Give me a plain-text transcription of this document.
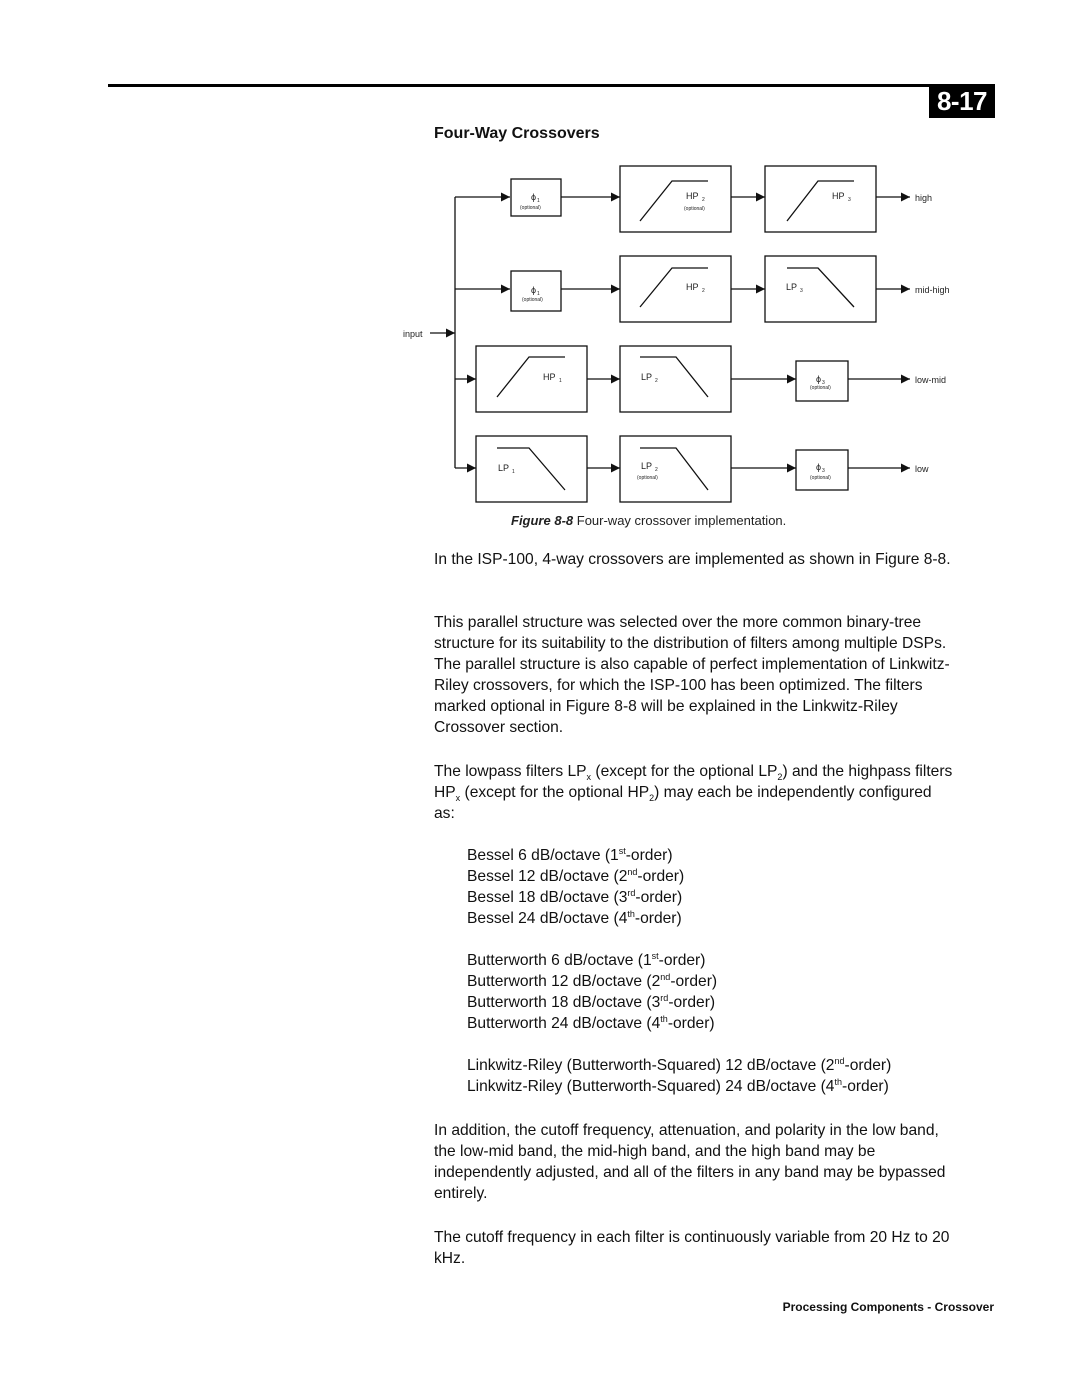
8-17
Four-Way Crossovers
input
high
mid-high
low-mid
low
ϕ 1
(optional)
ϕ 1
(optional)
ϕ 3
(optional)
ϕ 3
(optional)
HP 2
(optional)
HP 3
HP 2	LP 3
HP 1	LP 2
LP 1
LP 2
(optional)
Figure 8-8 Four-way crossover implementation.

In the ISP-100, 4-way crossovers are implemented as shown in Figure 8-8.

This parallel structure was selected over the more common binary-tree structure for its suitability to the distribution of filters among multiple DSPs. The parallel structure is also capable of perfect implementation of Linkwitz-Riley crossovers, for which the ISP-100 has been optimized. The filters marked optional in Figure 8-8 will be explained in the Linkwitz-Riley Crossover section.

The lowpass filters $LP_x$ (except for the optional $LP_2$) and the highpass filters $HP_x$ (except for the optional $HP_2$) may each be independently configured as:

Bessel 6 dB/octave (1st-order)
Bessel 12 dB/octave (2nd-order)
Bessel 18 dB/octave (3rd-order)
Bessel 24 dB/octave (4th-order)
Butterworth 6 dB/octave (1st-order)
Butterworth 12 dB/octave (2nd-order)
Butterworth 18 dB/octave (3rd-order)
Butterworth 24 dB/octave (4th-order)
Linkwitz-Riley (Butterworth-Squared) 12 dB/octave (2nd-order)
Linkwitz-Riley (Butterworth-Squared) 24 dB/octave (4th-order)

In addition, the cutoff frequency, attenuation, and polarity in the low band, the low-mid band, the mid-high band, and the high band may be independently adjusted, and all of the filters in any band may be bypassed entirely.

The cutoff frequency in each filter is continuously variable from 20 Hz to 20 kHz.

Processing Components - Crossover
